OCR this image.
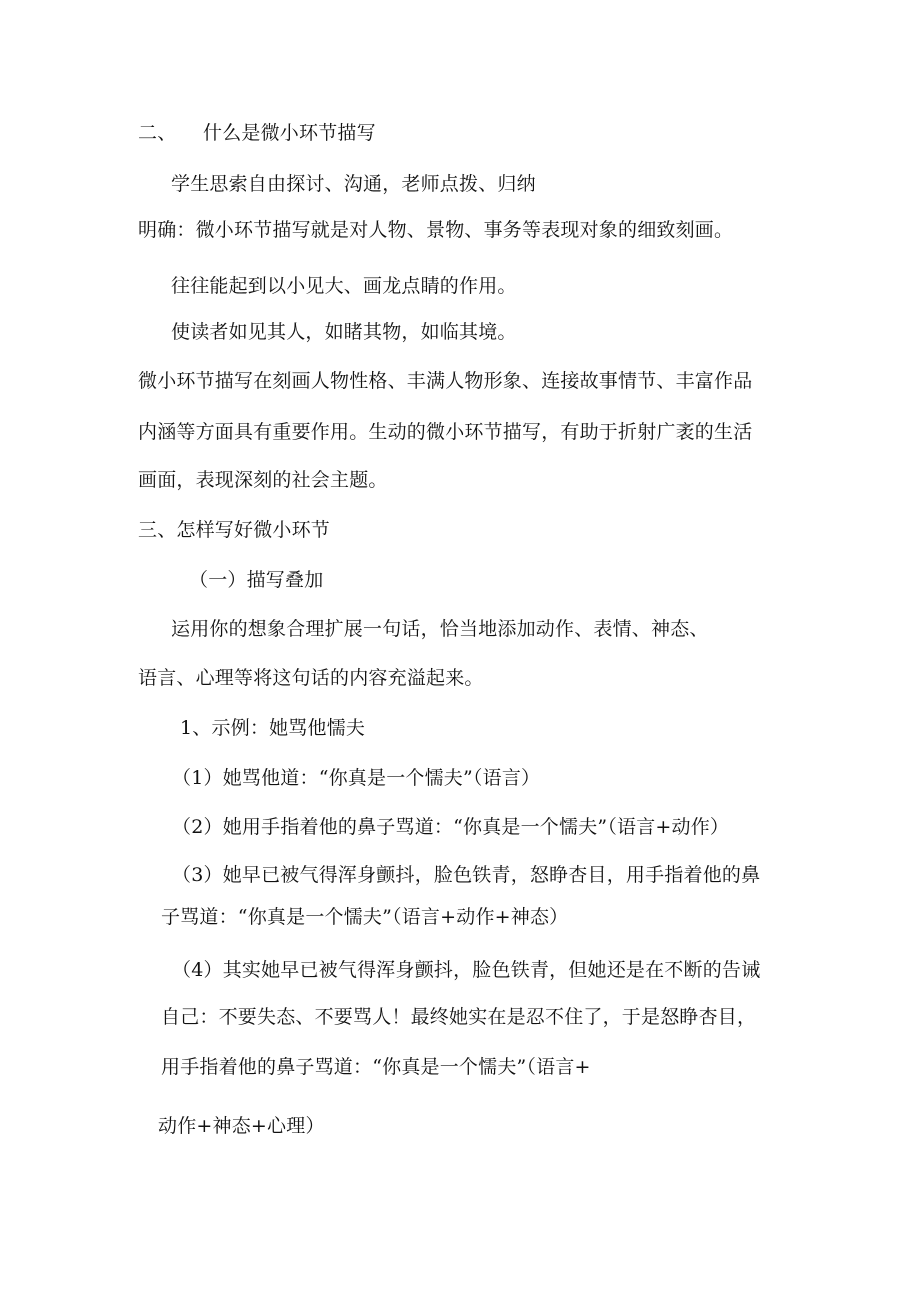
二、 什么是微小环节描写
学生思索自由探讨、沟通，老师点拨、归纳
明确：微小环节描写就是对人物、景物、事务等表现对象的细致刻画。
往往能起到以小见大、画龙点睛的作用。
使读者如见其人，如睹其物，如临其境。
微小环节描写在刻画人物性格、丰满人物形象、连接故事情节、丰富作品
内涵等方面具有重要作用。生动的微小环节描写，有助于折射广袤的生活
画面，表现深刻的社会主题。
三、怎样写好微小环节
（一）描写叠加
运用你的想象合理扩展一句话，恰当地添加动作、表情、神态、
语言、心理等将这句话的内容充溢起来。
1、示例：她骂他懦夫
（1）她骂他道：“你真是一个懦夫”（语言）
（2）她用手指着他的鼻子骂道：“你真是一个懦夫”（语言+动作）
（3）她早已被气得浑身颤抖，脸色铁青，怒睁杏目，用手指着他的鼻
子骂道：“你真是一个懦夫”（语言+动作+神态）
（4）其实她早已被气得浑身颤抖，脸色铁青，但她还是在不断的告诫
自己：不要失态、不要骂人！最终她实在是忍不住了，于是怒睁杏目，
用手指着他的鼻子骂道：“你真是一个懦夫”（语言+
动作+神态+心理）
